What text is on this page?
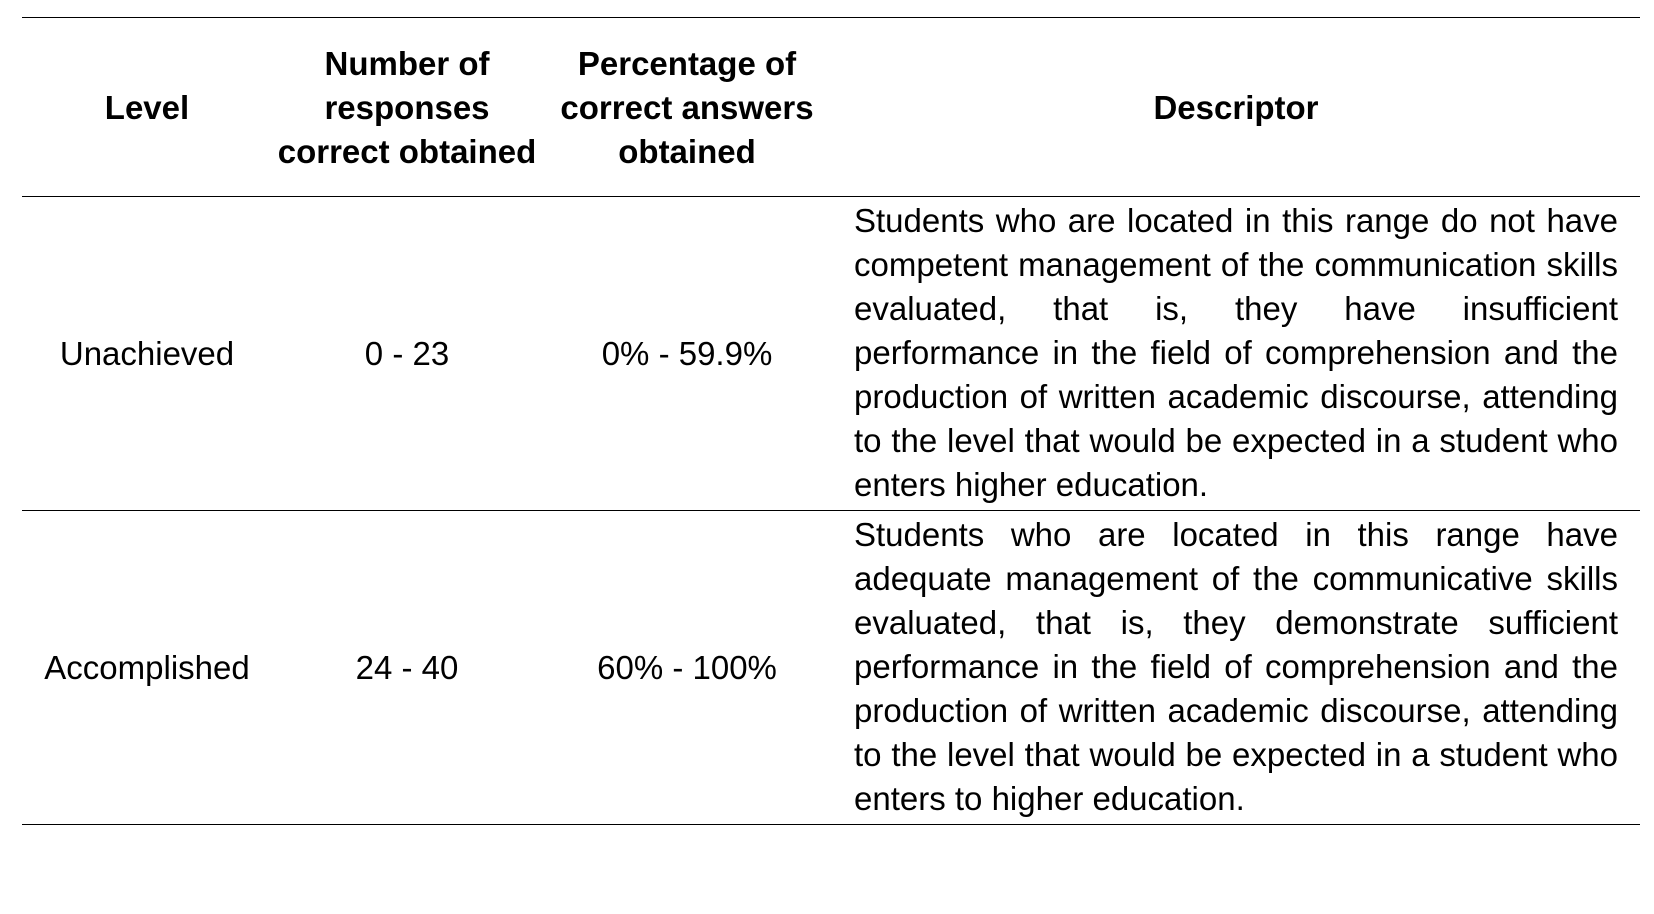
Level	Number of responses correct obtained	Percentage of correct answers obtained	Descriptor
Unachieved	0 - 23	0% - 59.9%	Students who are located in this range do not have competent management of the communication skills evaluated, that is, they have insufficient performance in the field of comprehension and the production of written academic discourse, attending to the level that would be expected in a student who enters higher education.
Accomplished	24 - 40	60% - 100%	Students who are located in this range have adequate management of the communicative skills evaluated, that is, they demonstrate sufficient performance in the field of comprehension and the production of written academic discourse, attending to the level that would be expected in a student who enters to higher education.
